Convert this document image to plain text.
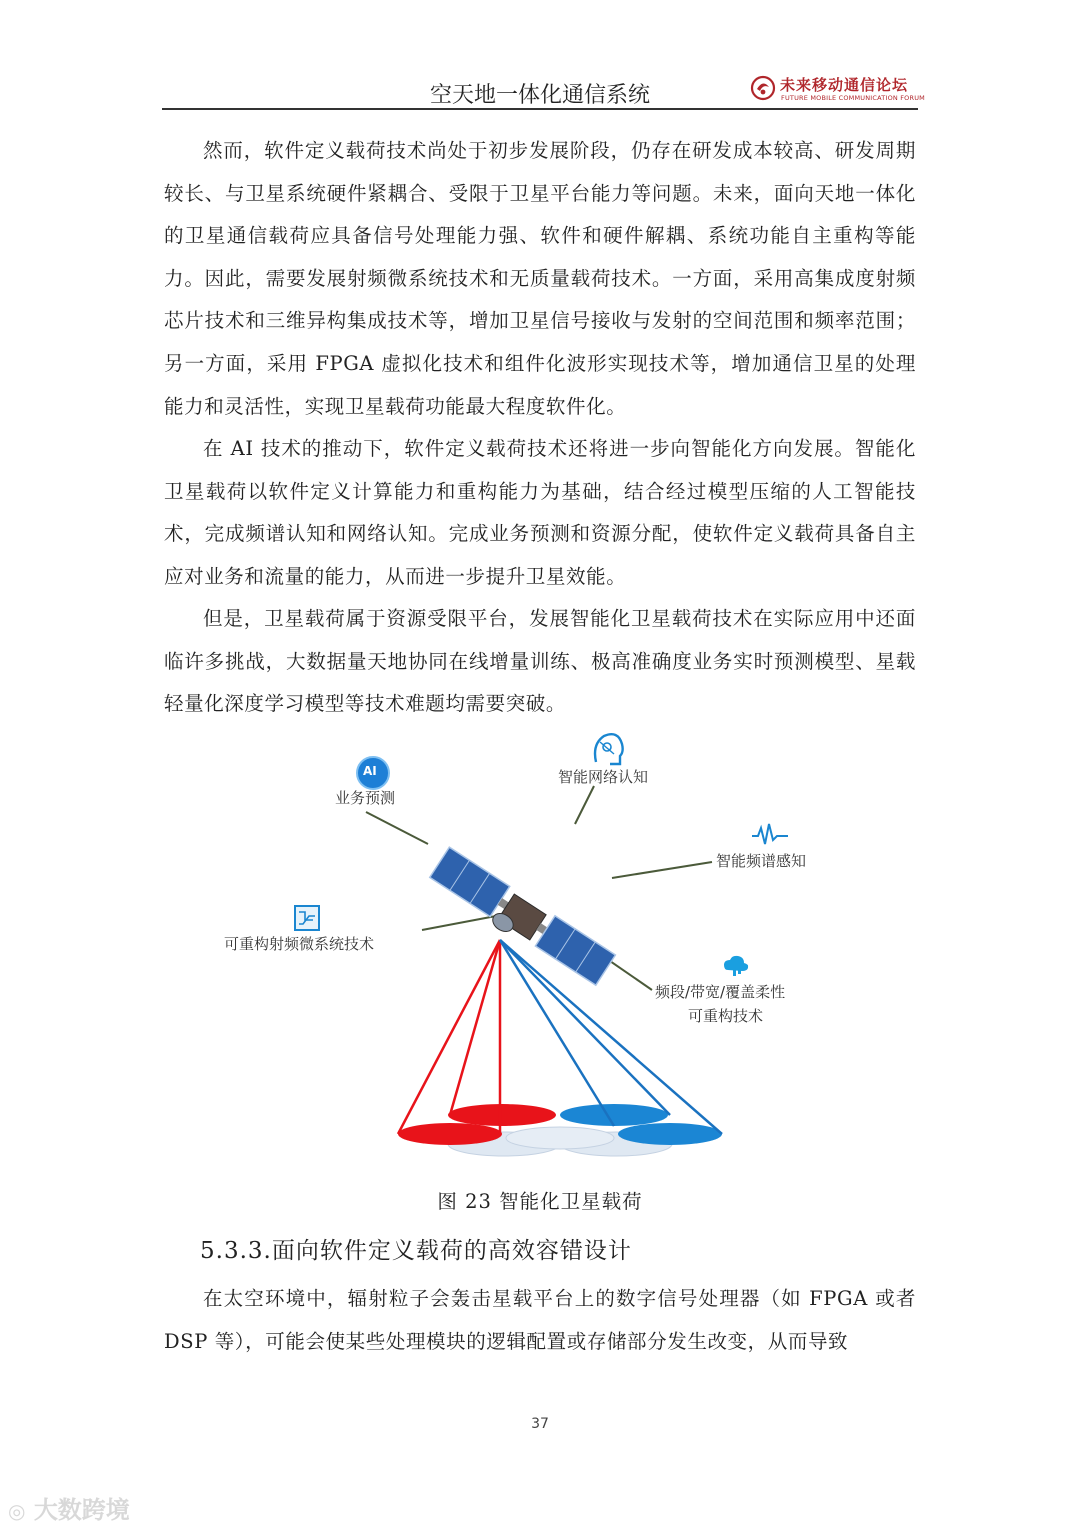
空天地一体化通信系统	未来移动通信论坛
FUTURE MOBILE COMMUNICATION FORUM

然而，软件定义载荷技术尚处于初步发展阶段，仍存在研发成本较高、研发周期较长、与卫星系统硬件紧耦合、受限于卫星平台能力等问题。未来，面向天地一体化的卫星通信载荷应具备信号处理能力强、软件和硬件解耦、系统功能自主重构等能力。因此，需要发展射频微系统技术和无质量载荷技术。一方面，采用高集成度射频芯片技术和三维异构集成技术等，增加卫星信号接收与发射的空间范围和频率范围；另一方面，采用 FPGA 虚拟化技术和组件化波形实现技术等，增加通信卫星的处理能力和灵活性，实现卫星载荷功能最大程度软件化。

在 AI 技术的推动下，软件定义载荷技术还将进一步向智能化方向发展。智能化卫星载荷以软件定义计算能力和重构能力为基础，结合经过模型压缩的人工智能技术，完成频谱认知和网络认知。完成业务预测和资源分配，使软件定义载荷具备自主应对业务和流量的能力，从而进一步提升卫星效能。

但是，卫星载荷属于资源受限平台，发展智能化卫星载荷技术在实际应用中还面临许多挑战，大数据量天地协同在线增量训练、极高准确度业务实时预测模型、星载轻量化深度学习模型等技术难题均需要突破。

AI
业务预测
智能网络认知
智能频谱感知
可重构射频微系统技术
频段/带宽/覆盖柔性
可重构技术
图 23 智能化卫星载荷
5.3.3.面向软件定义载荷的高效容错设计

在太空环境中，辐射粒子会轰击星载平台上的数字信号处理器（如 FPGA 或者 DSP 等），可能会使某些处理模块的逻辑配置或存储部分发生改变，从而导致

37
◎ 大数跨境
